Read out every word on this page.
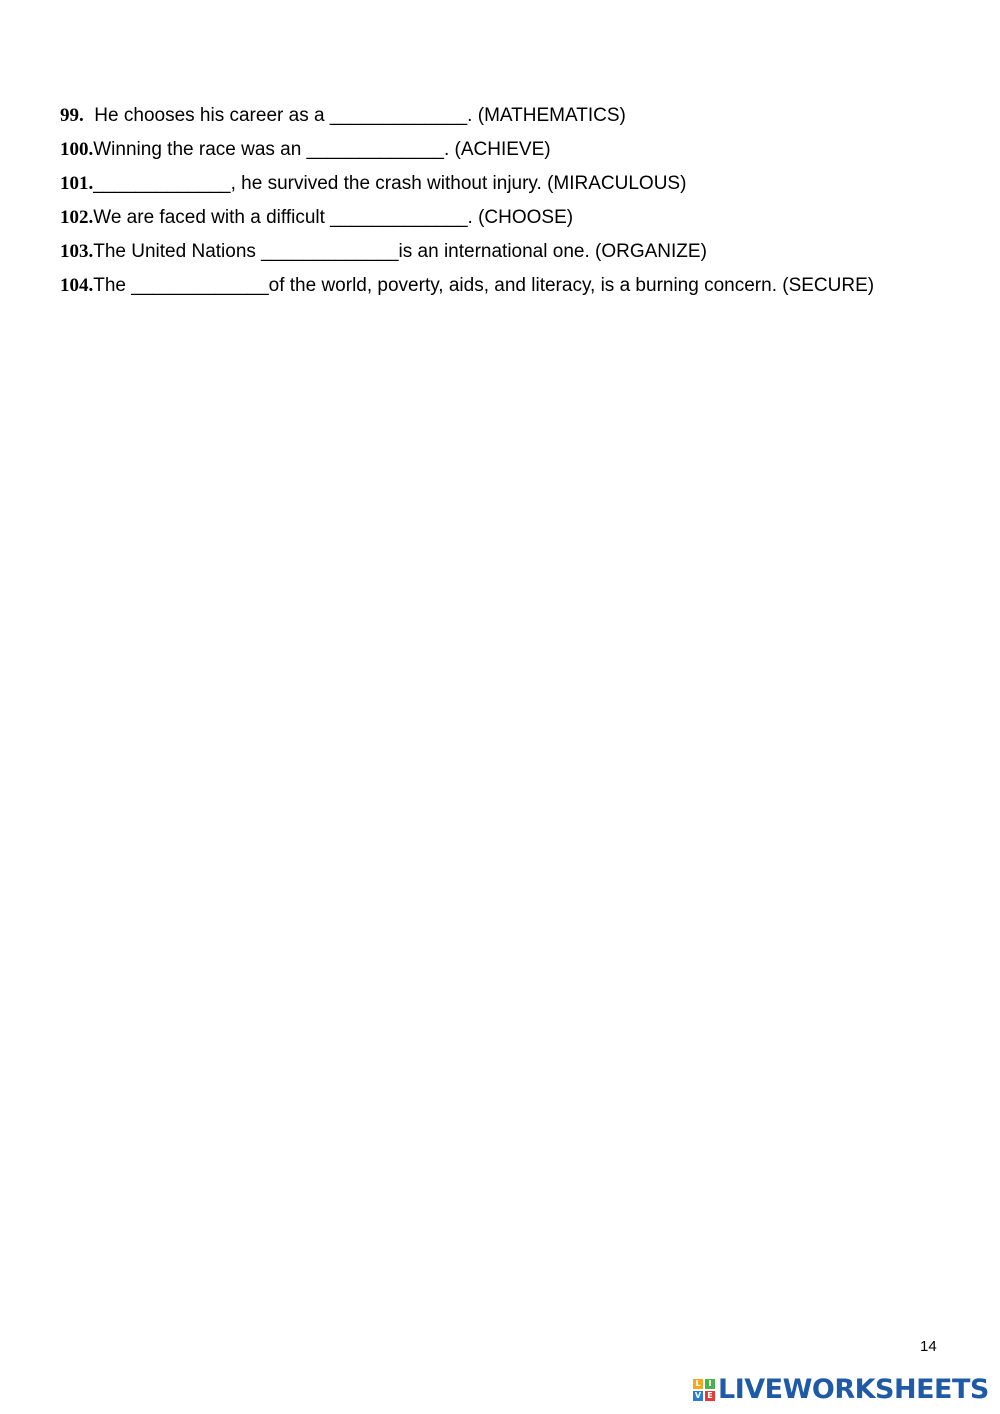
99.  He chooses his career as a _____________. (MATHEMATICS)
100.Winning the race was an _____________. (ACHIEVE)
101._____________, he survived the crash without injury. (MIRACULOUS)
102.We are faced with a difficult _____________. (CHOOSE)
103.The United Nations _____________is an international one. (ORGANIZE)
104.The _____________of the world, poverty, aids, and literacy, is a burning concern. (SECURE)
14
L I
V E LIVEWORKSHEETS
